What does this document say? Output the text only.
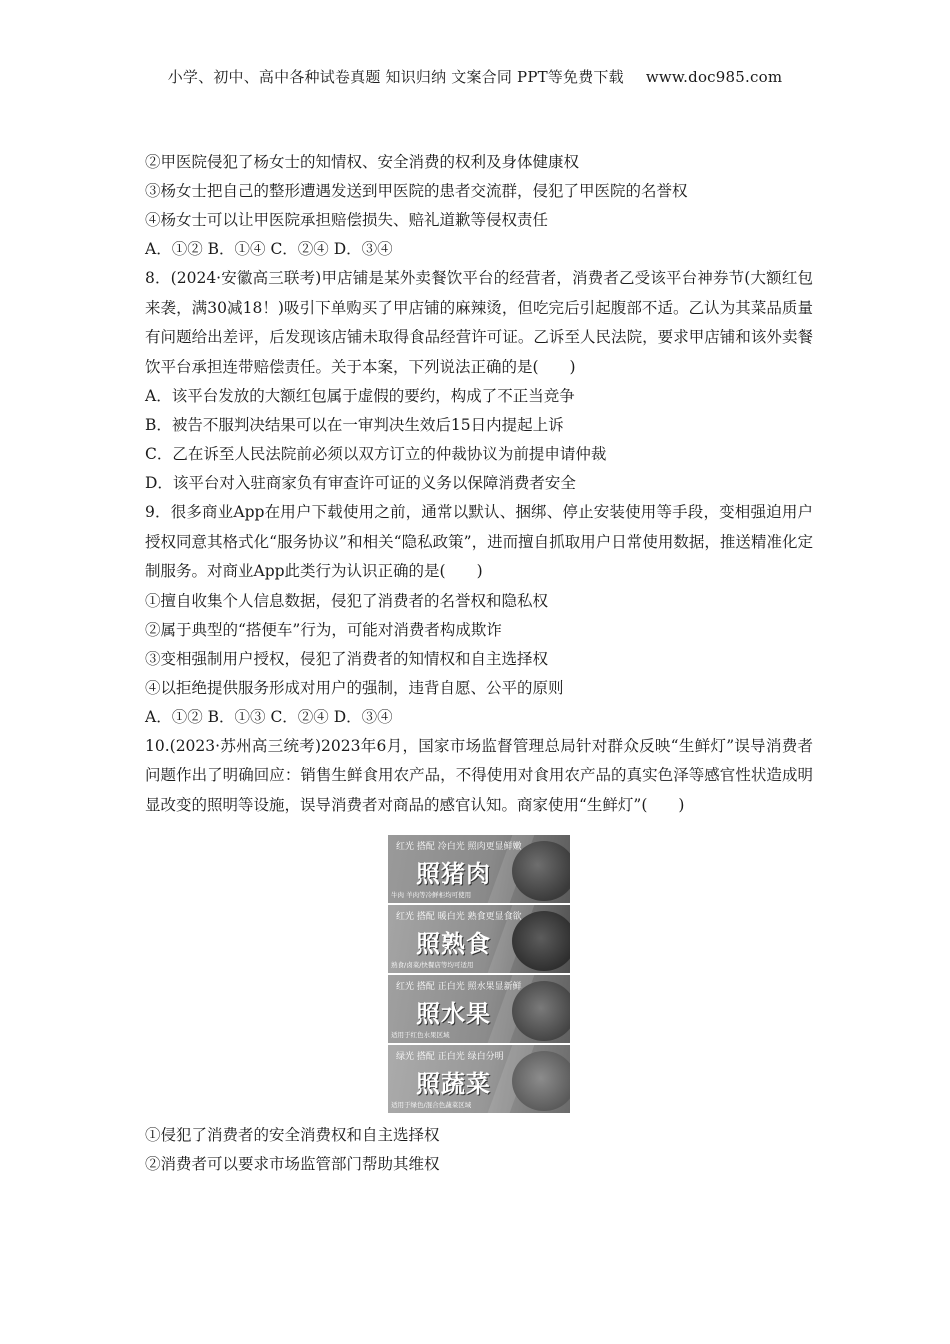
小学、初中、高中各种试卷真题 知识归纳 文案合同 PPT等免费下载 www.doc985.com
②甲医院侵犯了杨女士的知情权、安全消费的权利及身体健康权
③杨女士把自己的整形遭遇发送到甲医院的患者交流群，侵犯了甲医院的名誉权
④杨女士可以让甲医院承担赔偿损失、赔礼道歉等侵权责任
A．①② B．①④ C．②④ D．③④
8．(2024·安徽高三联考)甲店铺是某外卖餐饮平台的经营者，消费者乙受该平台神券节(大额红包来袭，满30减18！)吸引下单购买了甲店铺的麻辣烫，但吃完后引起腹部不适。乙认为其菜品质量有问题给出差评，后发现该店铺未取得食品经营许可证。乙诉至人民法院，要求甲店铺和该外卖餐饮平台承担连带赔偿责任。关于本案，下列说法正确的是(　　)
A．该平台发放的大额红包属于虚假的要约，构成了不正当竞争
B．被告不服判决结果可以在一审判决生效后15日内提起上诉
C．乙在诉至人民法院前必须以双方订立的仲裁协议为前提申请仲裁
D．该平台对入驻商家负有审查许可证的义务以保障消费者安全
9．很多商业App在用户下载使用之前，通常以默认、捆绑、停止安装使用等手段，变相强迫用户授权同意其格式化“服务协议”和相关“隐私政策”，进而擅自抓取用户日常使用数据，推送精准化定制服务。对商业App此类行为认识正确的是(　　)
①擅自收集个人信息数据，侵犯了消费者的名誉权和隐私权
②属于典型的“搭便车”行为，可能对消费者构成欺诈
③变相强制用户授权，侵犯了消费者的知情权和自主选择权
④以拒绝提供服务形成对用户的强制，违背自愿、公平的原则
A．①② B．①③ C．②④ D．③④
10.(2023·苏州高三统考)2023年6月，国家市场监督管理总局针对群众反映“生鲜灯”误导消费者问题作出了明确回应：销售生鲜食用农产品，不得使用对食用农产品的真实色泽等感官性状造成明显改变的照明等设施，误导消费者对商品的感官认知。商家使用“生鲜灯”(　　)
红光 搭配 冷白光 照肉更显鲜嫩
照猪肉
牛肉 羊肉等冷鲜柜均可使用
红光 搭配 暖白光 熟食更显食欲
照熟食
熟食/卤菜/快餐店等均可适用
红光 搭配 正白光 照水果显新鲜
照水果
适用于红色水果区域
绿光 搭配 正白光 绿白分明
照蔬菜
适用于绿色/混合色蔬菜区域
①侵犯了消费者的安全消费权和自主选择权
②消费者可以要求市场监管部门帮助其维权
